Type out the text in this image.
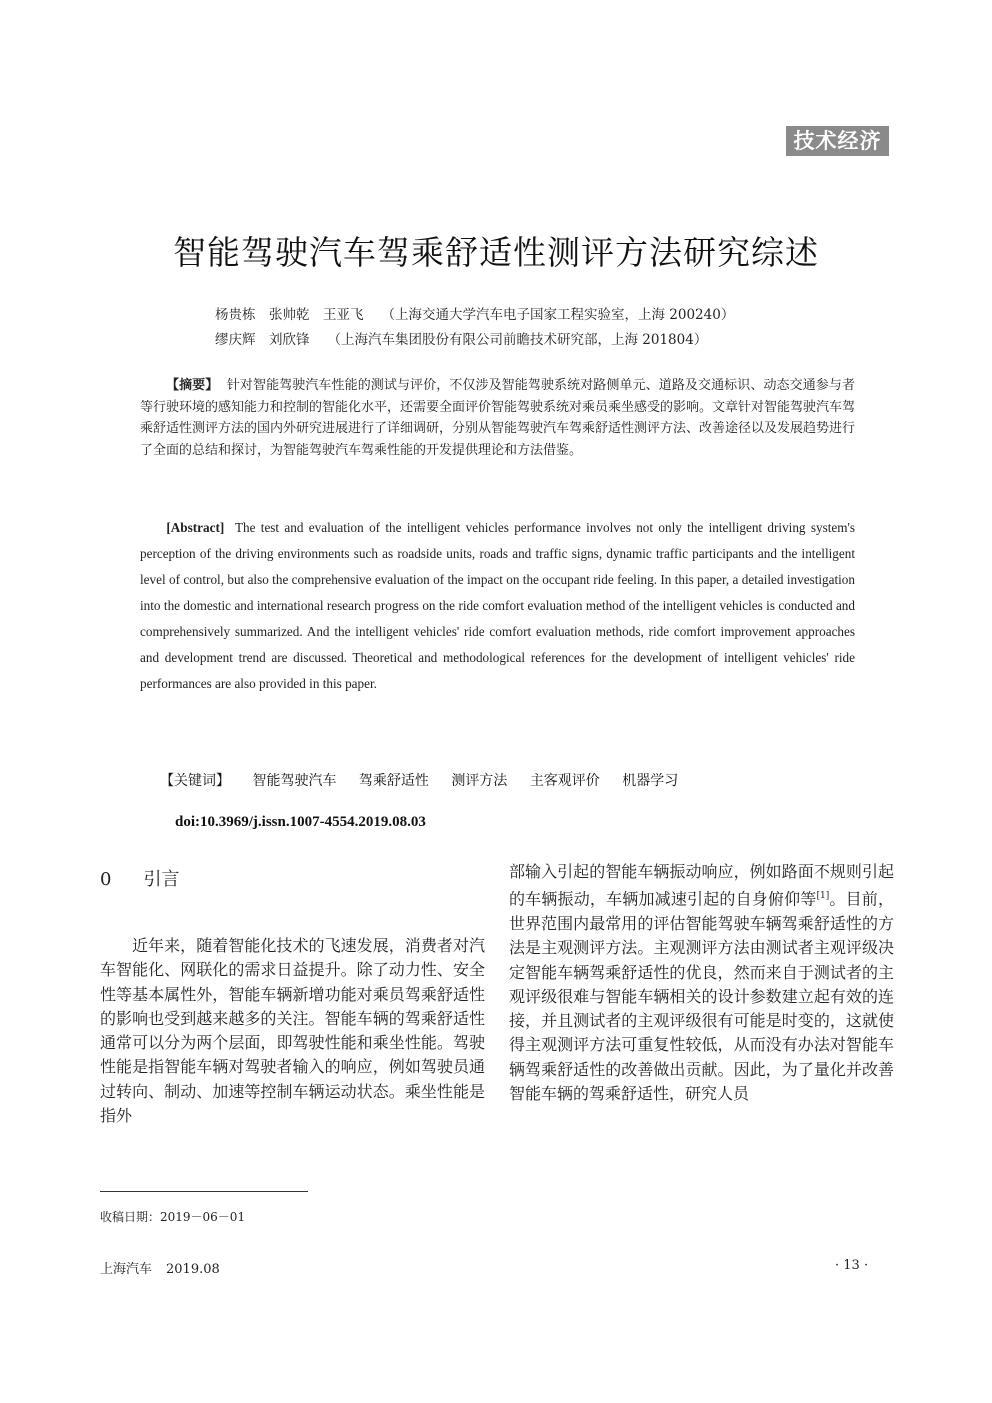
技术经济
智能驾驶汽车驾乘舒适性测评方法研究综述
杨贵栋　张帅乾　王亚飞 （上海交通大学汽车电子国家工程实验室，上海 200240）
缪庆辉　刘欣锋 （上海汽车集团股份有限公司前瞻技术研究部，上海 201804）
【摘要】 针对智能驾驶汽车性能的测试与评价，不仅涉及智能驾驶系统对路侧单元、道路及交通标识、动态交通参与者等行驶环境的感知能力和控制的智能化水平，还需要全面评价智能驾驶系统对乘员乘坐感受的影响。文章针对智能驾驶汽车驾乘舒适性测评方法的国内外研究进展进行了详细调研，分别从智能驾驶汽车驾乘舒适性测评方法、改善途径以及发展趋势进行了全面的总结和探讨，为智能驾驶汽车驾乘性能的开发提供理论和方法借鉴。
[Abstract] The test and evaluation of the intelligent vehicles performance involves not only the intelligent driving system's perception of the driving environments such as roadside units, roads and traffic signs, dynamic traffic participants and the intelligent level of control, but also the comprehensive evaluation of the impact on the occupant ride feeling. In this paper, a detailed investigation into the domestic and international research progress on the ride comfort evaluation method of the intelligent vehicles is conducted and comprehensively summarized. And the intelligent vehicles' ride comfort evaluation methods, ride comfort improvement approaches and development trend are discussed. Theoretical and methodological references for the development of intelligent vehicles' ride performances are also provided in this paper.
【关键词】 智能驾驶汽车 驾乘舒适性 测评方法 主客观评价 机器学习
doi:10.3969/j.issn.1007-4554.2019.08.03
0 引言

近年来，随着智能化技术的飞速发展，消费者对汽车智能化、网联化的需求日益提升。除了动力性、安全性等基本属性外，智能车辆新增功能对乘员驾乘舒适性的影响也受到越来越多的关注。智能车辆的驾乘舒适性通常可以分为两个层面，即驾驶性能和乘坐性能。驾驶性能是指智能车辆对驾驶者输入的响应，例如驾驶员通过转向、制动、加速等控制车辆运动状态。乘坐性能是指外

部输入引起的智能车辆振动响应，例如路面不规则引起的车辆振动，车辆加减速引起的自身俯仰等[1]。目前，世界范围内最常用的评估智能驾驶车辆驾乘舒适性的方法是主观测评方法。主观测评方法由测试者主观评级决定智能车辆驾乘舒适性的优良，然而来自于测试者的主观评级很难与智能车辆相关的设计参数建立起有效的连接，并且测试者的主观评级很有可能是时变的，这就使得主观测评方法可重复性较低，从而没有办法对智能车辆驾乘舒适性的改善做出贡献。因此，为了量化并改善智能车辆的驾乘舒适性，研究人员

收稿日期：2019－06－01
上海汽车 2019.08	· 13 ·
